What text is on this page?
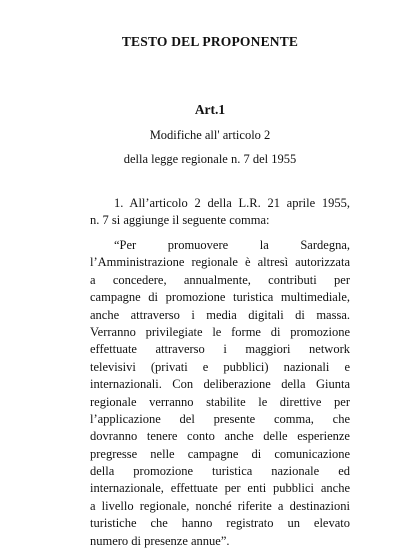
TESTO DEL PROPONENTE
Art.1
Modifiche all' articolo 2
della legge regionale n. 7 del 1955
1. All’articolo 2 della L.R. 21 aprile 1955,
n. 7 si aggiunge il seguente comma:
“Per promuovere la Sardegna,
l’Amministrazione regionale è altresì autorizzata
a concedere, annualmente, contributi per
campagne di promozione turistica multimediale,
anche attraverso i media digitali di massa.
Verranno privilegiate le forme di promozione
effettuate attraverso i maggiori network
televisivi (privati e pubblici) nazionali e
internazionali. Con deliberazione della Giunta
regionale verranno stabilite le direttive per
l’applicazione del presente comma, che
dovranno tenere conto anche delle esperienze
pregresse nelle campagne di comunicazione
della promozione turistica nazionale ed
internazionale, effettuate per enti pubblici anche
a livello regionale, nonché riferite a destinazioni
turistiche che hanno registrato un elevato
numero di presenze annue”.
